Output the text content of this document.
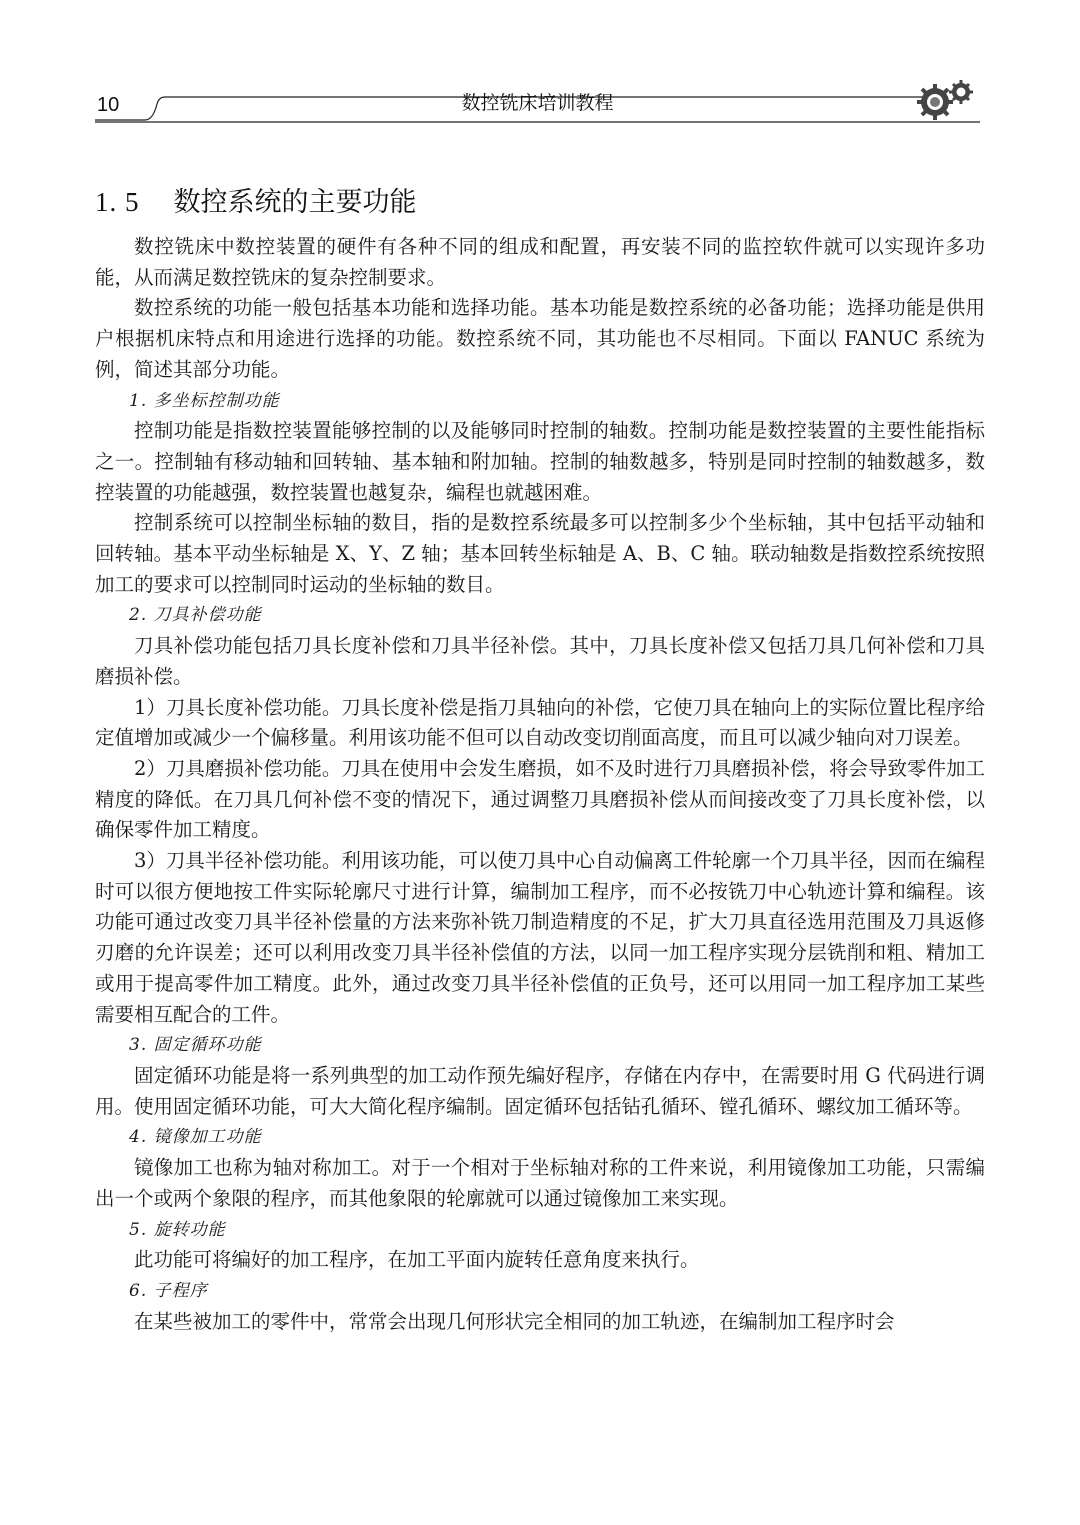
10	数控铣床培训教程
1. 5 数控系统的主要功能

数控铣床中数控装置的硬件有各种不同的组成和配置，再安装不同的监控软件就可以实现许多功能，从而满足数控铣床的复杂控制要求。

数控系统的功能一般包括基本功能和选择功能。基本功能是数控系统的必备功能；选择功能是供用户根据机床特点和用途进行选择的功能。数控系统不同，其功能也不尽相同。下面以 FANUC 系统为例，简述其部分功能。

1. 多坐标控制功能

控制功能是指数控装置能够控制的以及能够同时控制的轴数。控制功能是数控装置的主要性能指标之一。控制轴有移动轴和回转轴、基本轴和附加轴。控制的轴数越多，特别是同时控制的轴数越多，数控装置的功能越强，数控装置也越复杂，编程也就越困难。

控制系统可以控制坐标轴的数目，指的是数控系统最多可以控制多少个坐标轴，其中包括平动轴和回转轴。基本平动坐标轴是 X、Y、Z 轴；基本回转坐标轴是 A、B、C 轴。联动轴数是指数控系统按照加工的要求可以控制同时运动的坐标轴的数目。

2. 刀具补偿功能

刀具补偿功能包括刀具长度补偿和刀具半径补偿。其中，刀具长度补偿又包括刀具几何补偿和刀具磨损补偿。

1）刀具长度补偿功能。刀具长度补偿是指刀具轴向的补偿，它使刀具在轴向上的实际位置比程序给定值增加或减少一个偏移量。利用该功能不但可以自动改变切削面高度，而且可以减少轴向对刀误差。

2）刀具磨损补偿功能。刀具在使用中会发生磨损，如不及时进行刀具磨损补偿，将会导致零件加工精度的降低。在刀具几何补偿不变的情况下，通过调整刀具磨损补偿从而间接改变了刀具长度补偿，以确保零件加工精度。

3）刀具半径补偿功能。利用该功能，可以使刀具中心自动偏离工件轮廓一个刀具半径，因而在编程时可以很方便地按工件实际轮廓尺寸进行计算，编制加工程序，而不必按铣刀中心轨迹计算和编程。该功能可通过改变刀具半径补偿量的方法来弥补铣刀制造精度的不足，扩大刀具直径选用范围及刀具返修刃磨的允许误差；还可以利用改变刀具半径补偿值的方法，以同一加工程序实现分层铣削和粗、精加工或用于提高零件加工精度。此外，通过改变刀具半径补偿值的正负号，还可以用同一加工程序加工某些需要相互配合的工件。

3. 固定循环功能

固定循环功能是将一系列典型的加工动作预先编好程序，存储在内存中，在需要时用 G 代码进行调用。使用固定循环功能，可大大简化程序编制。固定循环包括钻孔循环、镗孔循环、螺纹加工循环等。

4. 镜像加工功能

镜像加工也称为轴对称加工。对于一个相对于坐标轴对称的工件来说，利用镜像加工功能，只需编出一个或两个象限的程序，而其他象限的轮廓就可以通过镜像加工来实现。

5. 旋转功能

此功能可将编好的加工程序，在加工平面内旋转任意角度来执行。

6. 子程序

在某些被加工的零件中，常常会出现几何形状完全相同的加工轨迹，在编制加工程序时会
